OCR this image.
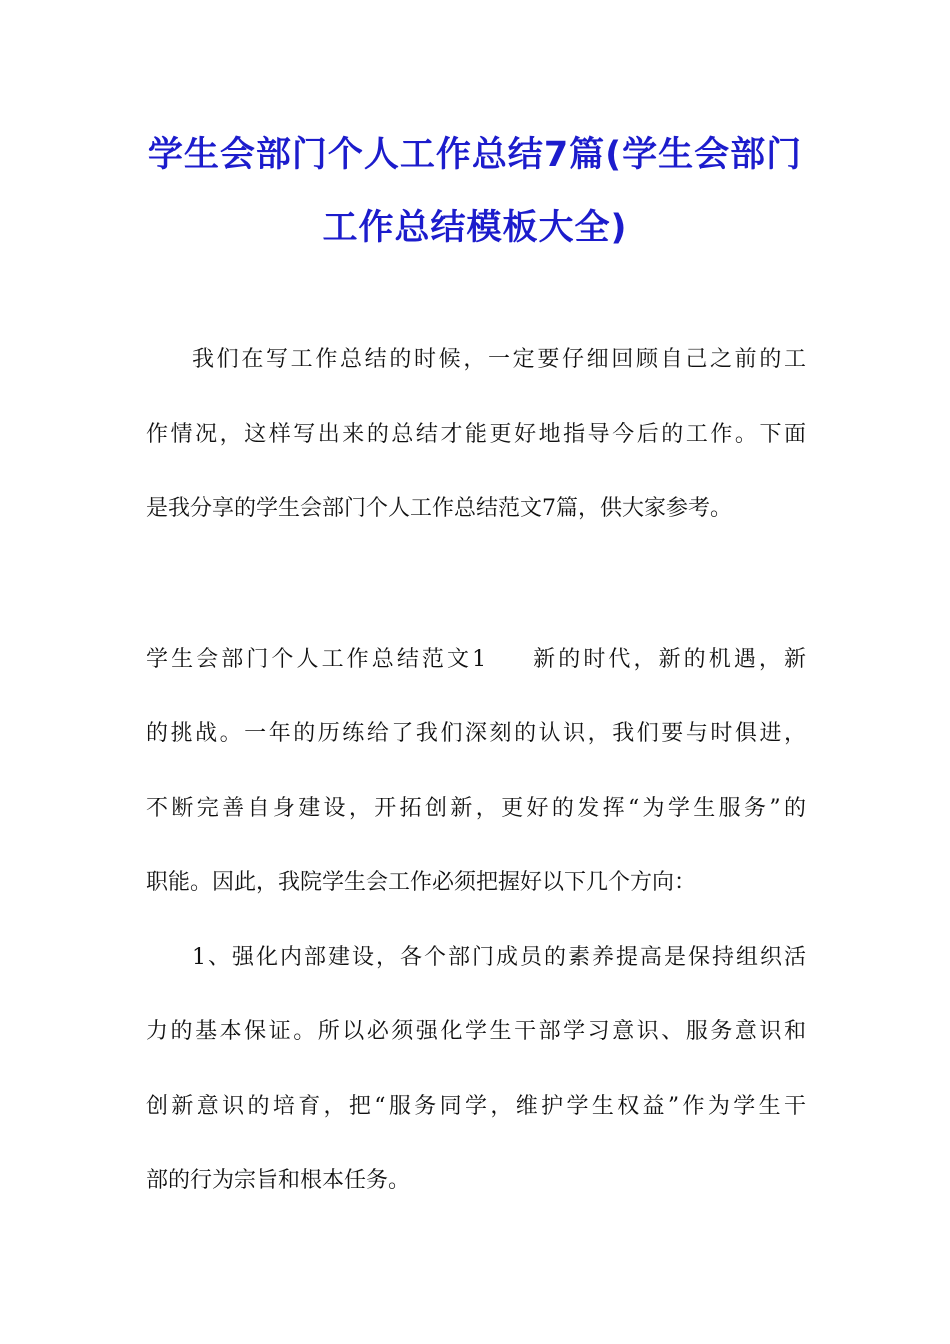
学生会部门个人工作总结7篇(学生会部门
工作总结模板大全)
我们在写工作总结的时候，一定要仔细回顾自己之前的工
作情况，这样写出来的总结才能更好地指导今后的工作。下面
是我分享的学生会部门个人工作总结范文7篇，供大家参考。
学生会部门个人工作总结范文1 新的时代，新的机遇，新
的挑战。一年的历练给了我们深刻的认识，我们要与时俱进，
不断完善自身建设，开拓创新，更好的发挥“为学生服务”的
职能。因此，我院学生会工作必须把握好以下几个方向：
1、强化内部建设，各个部门成员的素养提高是保持组织活
力的基本保证。所以必须强化学生干部学习意识、服务意识和
创新意识的培育，把“服务同学，维护学生权益”作为学生干
部的行为宗旨和根本任务。
